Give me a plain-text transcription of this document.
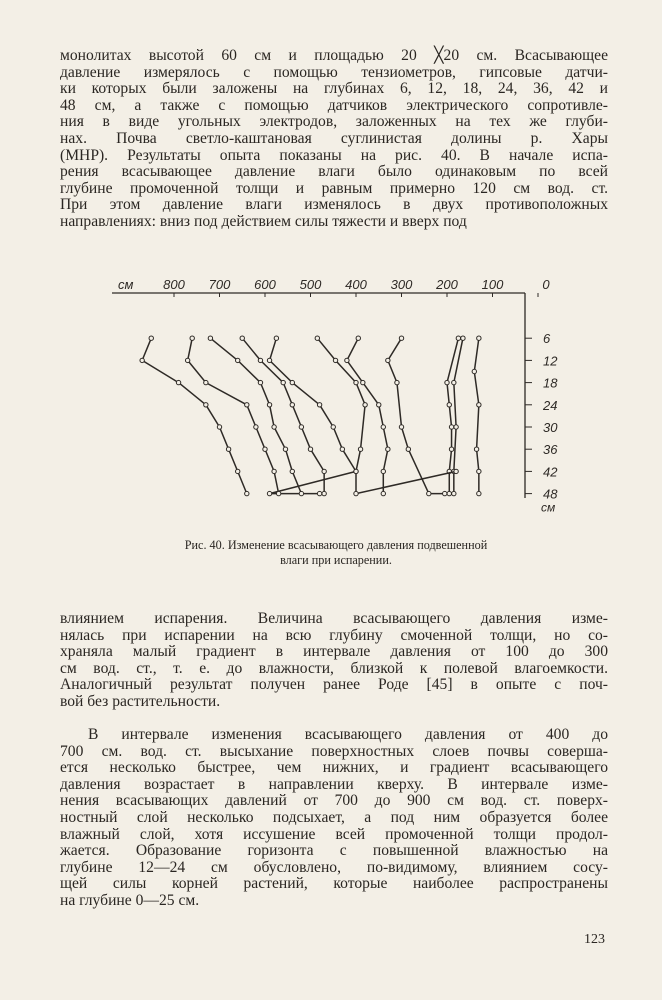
монолитах высотой 60 см и площадью 20 ╳20 см. Всасывающее
давление измерялось с помощью тензиометров, гипсовые датчи-
ки которых были заложены на глубинах 6, 12, 18, 24, 36, 42 и
48 см, а также с помощью датчиков электрического сопротивле-
ния в виде угольных электродов, заложенных на тех же глуби-
нах. Почва светло-каштановая суглинистая долины р. Хары
(МНР). Результаты опыта показаны на рис. 40. В начале испа-
рения всасывающее давление влаги было одинаковым по всей
глубине промоченной толщи и равным примерно 120 см вод. ст.
При этом давление влаги изменялось в двух противоположных
направлениях: вниз под действием силы тяжести и вверх под
см 800 700 600 500 400 300 200 100	0
6
12
18
24
30
36
42
48
см
Рис. 40. Изменение всасывающего давления подвешенной
влаги при испарении.
влиянием испарения. Величина всасывающего давления изме-
нялась при испарении на всю глубину смоченной толщи, но со-
храняла малый градиент в интервале давления от 100 до 300
см вод. ст., т. е. до влажности, близкой к полевой влагоемкости.
Аналогичный результат получен ранее Роде [45] в опыте с поч-
вой без растительности.
В интервале изменения всасывающего давления от 400 до
700 см. вод. ст. высыхание поверхностных слоев почвы соверша-
ется несколько быстрее, чем нижних, и градиент всасывающего
давления возрастает в направлении кверху. В интервале изме-
нения всасывающих давлений от 700 до 900 см вод. ст. поверх-
ностный слой несколько подсыхает, а под ним образуется более
влажный слой, хотя иссушение всей промоченной толщи продол-
жается. Образование горизонта с повышенной влажностью на
глубине 12—24 см обусловлено, по-видимому, влиянием сосу-
щей силы корней растений, которые наиболее распространены
на глубине 0—25 см.
123
